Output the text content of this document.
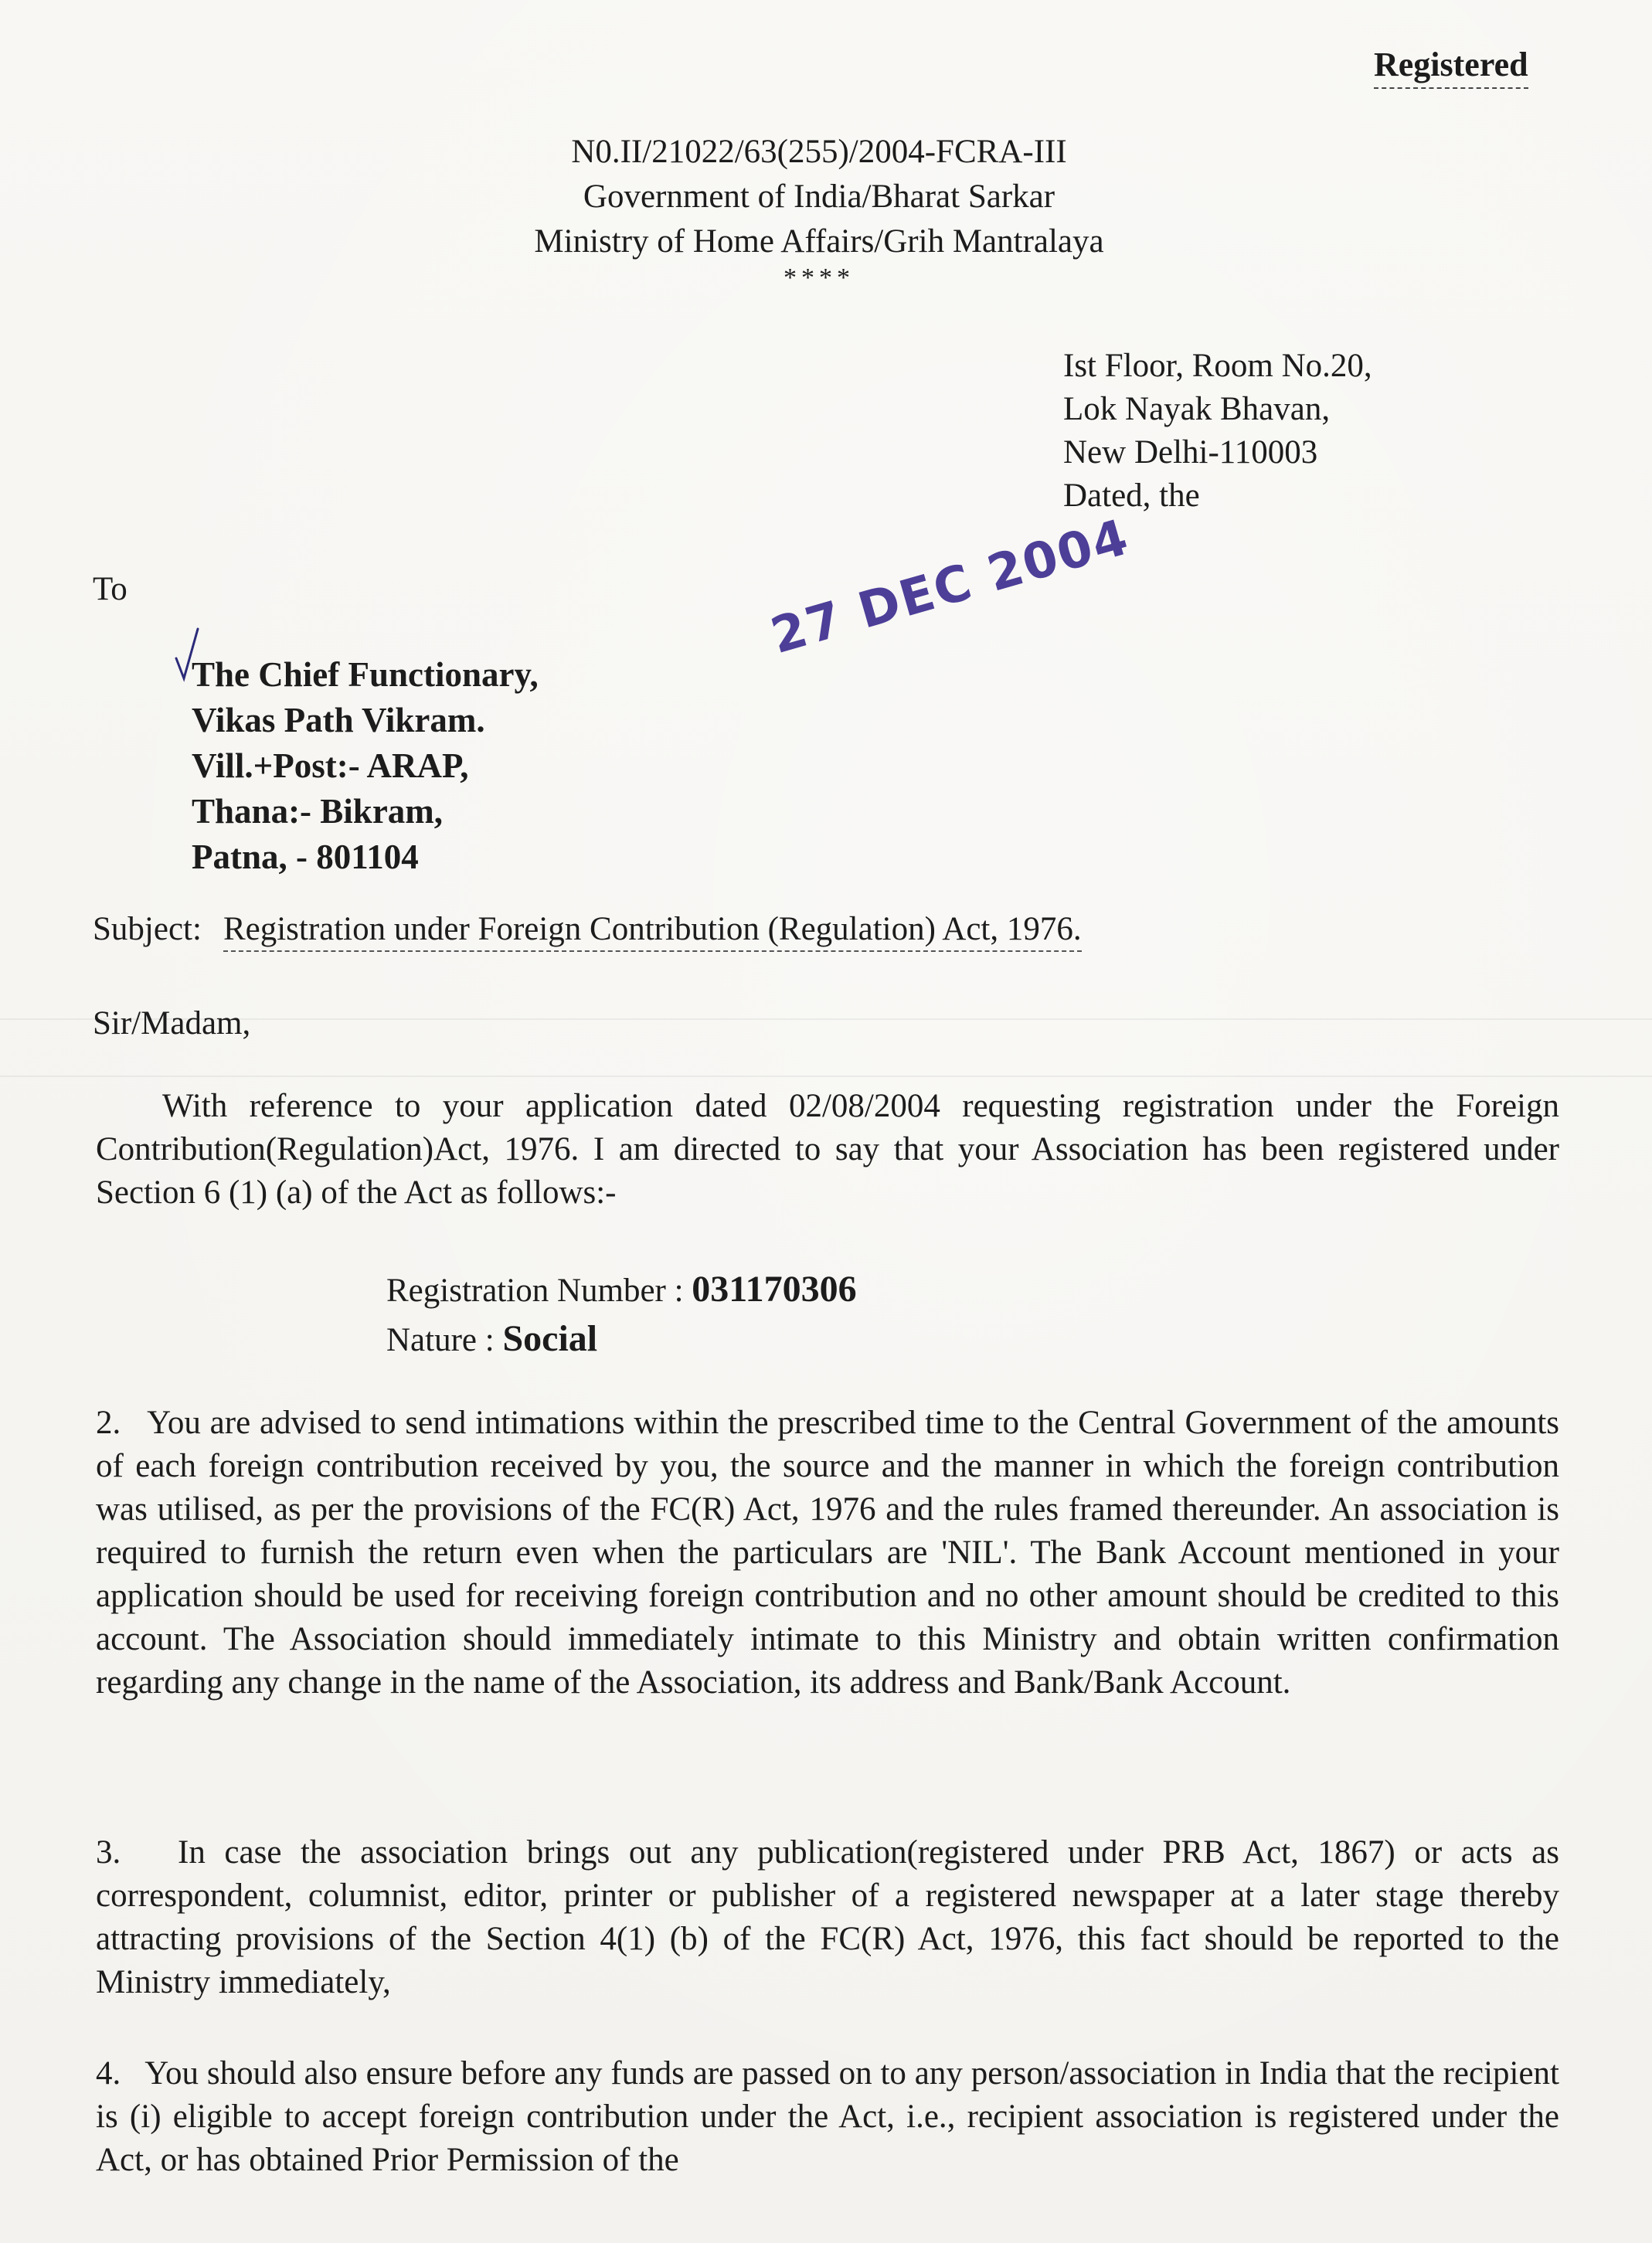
Registered
N0.II/21022/63(255)/2004-FCRA-III
Government of India/Bharat Sarkar
Ministry of Home Affairs/Grih Mantralaya
****
Ist Floor, Room No.20,
Lok Nayak Bhavan,
New Delhi-110003
Dated, the
To
The Chief Functionary,
Vikas Path Vikram.
Vill.+Post:- ARAP,
Thana:- Bikram,
Patna, - 801104
27 DEC 2004
Subject: Registration under Foreign Contribution (Regulation) Act, 1976.
Sir/Madam,
With reference to your application dated 02/08/2004 requesting registration under the Foreign Contribution(Regulation)Act, 1976. I am directed to say that your Association has been registered under Section 6 (1) (a) of the Act as follows:-
Registration Number : 031170306
Nature : Social
2.   You are advised to send intimations within the prescribed time to the Central Government of the amounts of each foreign contribution received by you, the source and the manner in which the foreign contribution was utilised, as per the provisions of the FC(R) Act, 1976 and the rules framed thereunder. An association is required to furnish the return even when the particulars are 'NIL'. The Bank Account mentioned in your application should be used for receiving foreign contribution and no other amount should be credited to this account. The Association should immediately intimate to this Ministry and obtain written confirmation regarding any change in the name of the Association, its address and Bank/Bank Account.
3.   In case the association brings out any publication(registered under PRB Act, 1867) or acts as correspondent, columnist, editor, printer or publisher of a registered newspaper at a later stage thereby attracting provisions of the Section 4(1) (b) of the FC(R) Act, 1976, this fact should be reported to the Ministry immediately,
4.   You should also ensure before any funds are passed on to any person/association in India that the recipient is (i) eligible to accept foreign contribution under the Act, i.e., recipient association is registered under the Act, or has obtained Prior Permission of the
